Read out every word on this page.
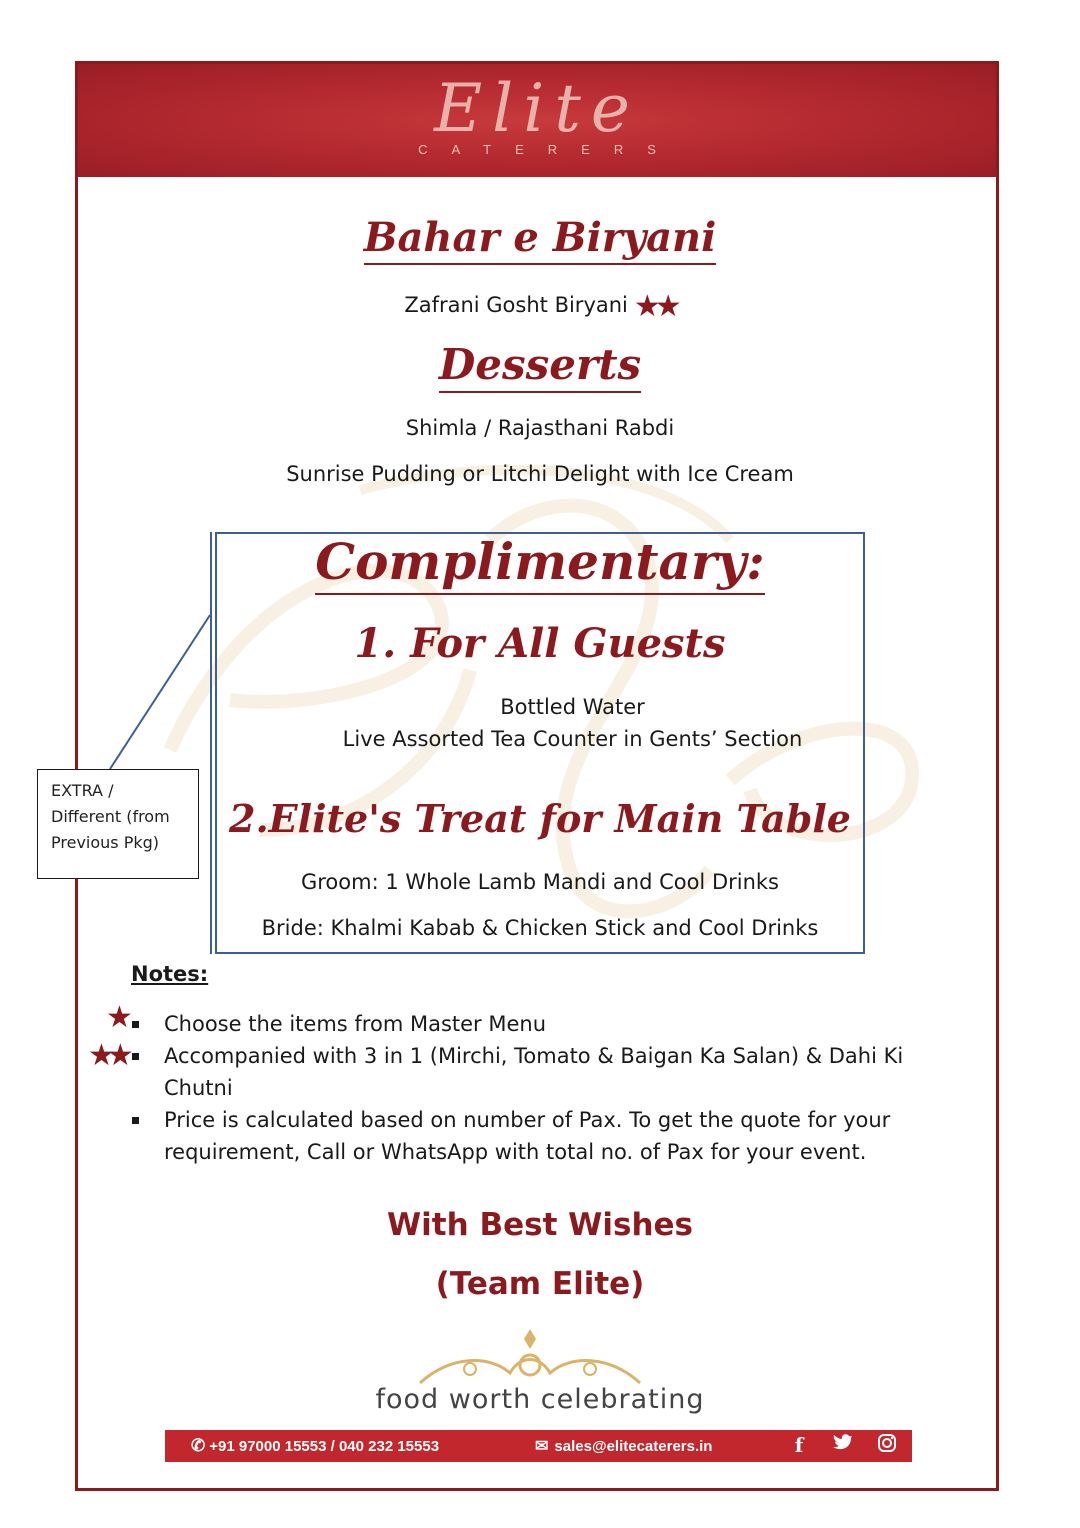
Elite
CATERERS
Bahar e Biryani
Zafrani Gosht Biryani ★★
Desserts
Shimla / Rajasthani Rabdi
Sunrise Pudding or Litchi Delight with Ice Cream
Complimentary:
1. For All Guests
Bottled Water
Live Assorted Tea Counter in Gents’ Section
2.Elite's Treat for Main Table
Groom: 1 Whole Lamb Mandi and Cool Drinks
Bride: Khalmi Kabab & Chicken Stick and Cool Drinks
EXTRA /
Different (from
Previous Pkg)
Notes:
★
★★
Choose the items from Master Menu
Accompanied with 3 in 1 (Mirchi, Tomato & Baigan Ka Salan) & Dahi Ki Chutni
Price is calculated based on number of Pax. To get the quote for your requirement, Call or WhatsApp with total no. of Pax for your event.
With Best Wishes
(Team Elite)
food worth celebrating
✆ +91 97000 15553 / 040 232 15553	✉ sales@elitecaterers.in	f
